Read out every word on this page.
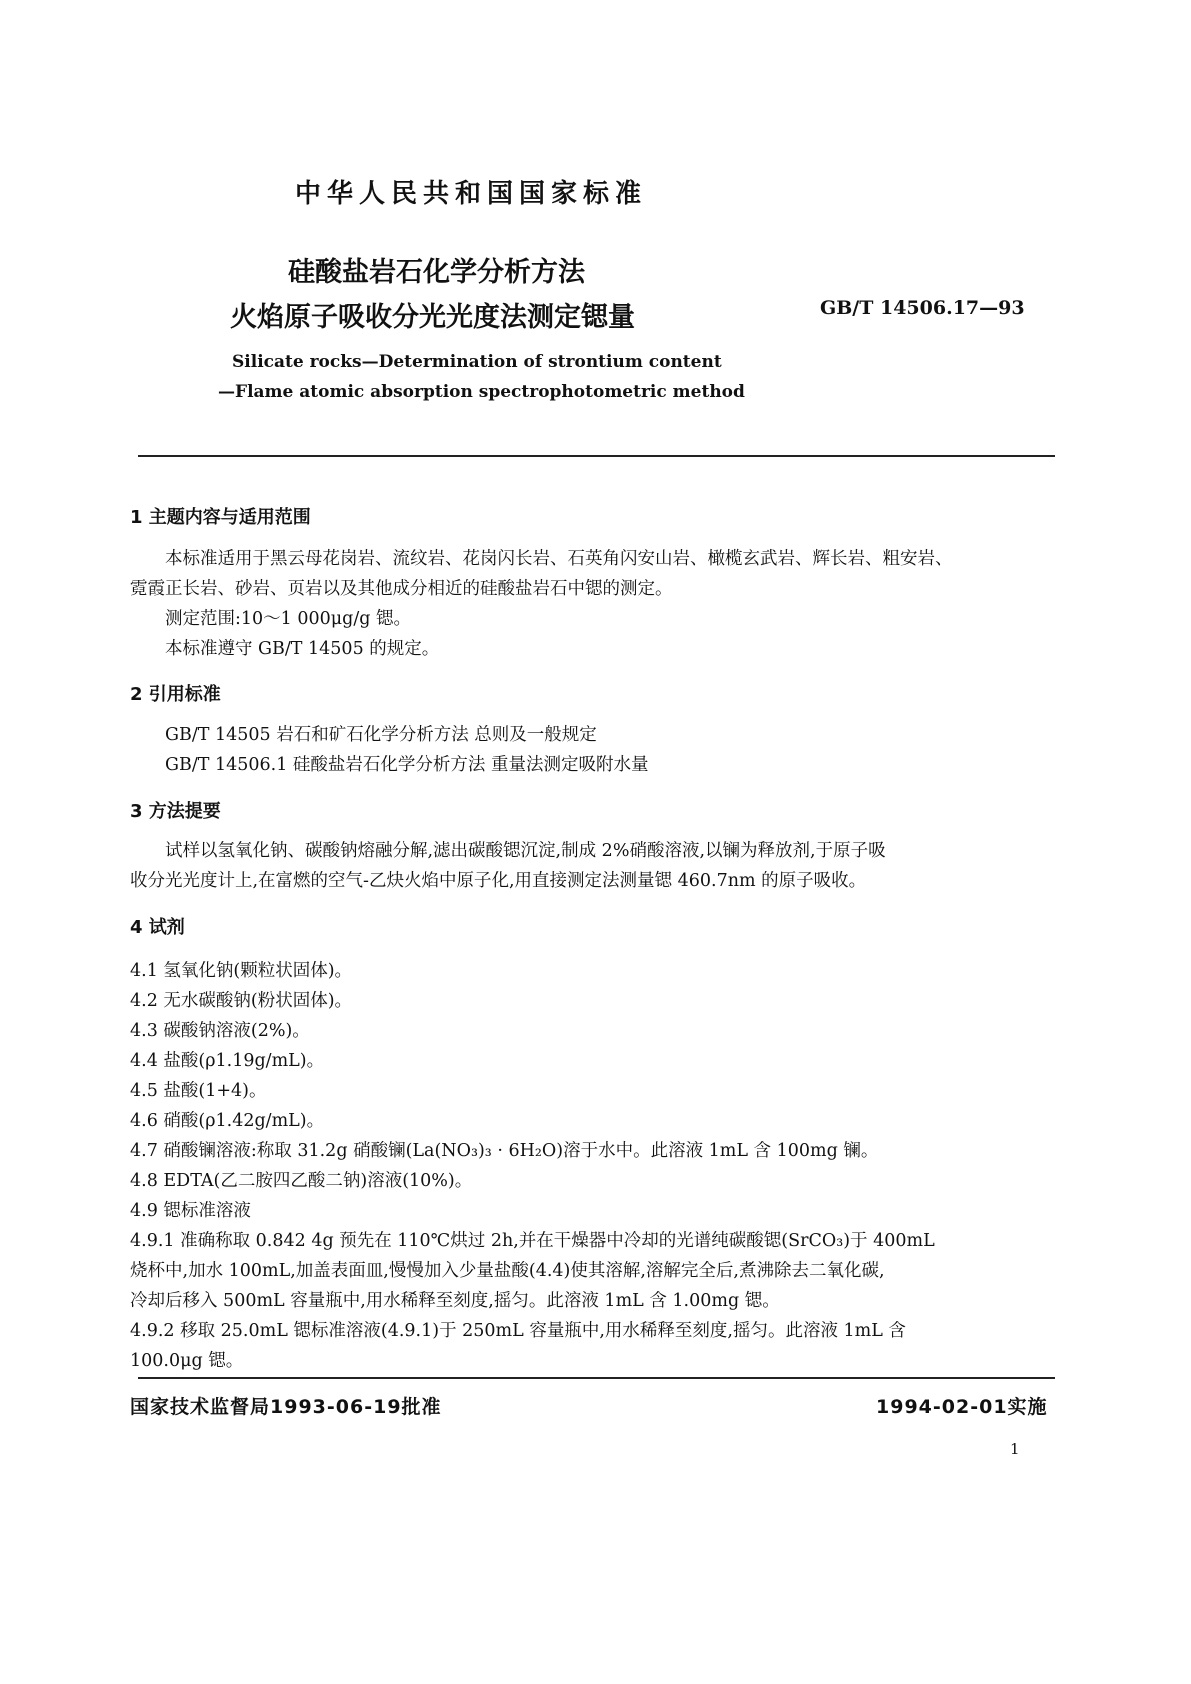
中华人民共和国国家标准
硅酸盐岩石化学分析方法
火焰原子吸收分光光度法测定锶量	GB/T 14506.17—93
Silicate rocks—Determination of strontium content
—Flame atomic absorption spectrophotometric method
1 主题内容与适用范围
本标准适用于黑云母花岗岩、流纹岩、花岗闪长岩、石英角闪安山岩、橄榄玄武岩、辉长岩、粗安岩、
霓霞正长岩、砂岩、页岩以及其他成分相近的硅酸盐岩石中锶的测定。
测定范围:10～1 000μg/g 锶。
本标准遵守 GB/T 14505 的规定。
2 引用标准
GB/T 14505 岩石和矿石化学分析方法 总则及一般规定
GB/T 14506.1 硅酸盐岩石化学分析方法 重量法测定吸附水量
3 方法提要
试样以氢氧化钠、碳酸钠熔融分解,滤出碳酸锶沉淀,制成 2%硝酸溶液,以镧为释放剂,于原子吸
收分光光度计上,在富燃的空气-乙炔火焰中原子化,用直接测定法测量锶 460.7nm 的原子吸收。
4 试剂
4.1 氢氧化钠(颗粒状固体)。
4.2 无水碳酸钠(粉状固体)。
4.3 碳酸钠溶液(2%)。
4.4 盐酸(ρ1.19g/mL)。
4.5 盐酸(1+4)。
4.6 硝酸(ρ1.42g/mL)。
4.7 硝酸镧溶液:称取 31.2g 硝酸镧(La(NO₃)₃ · 6H₂O)溶于水中。此溶液 1mL 含 100mg 镧。
4.8 EDTA(乙二胺四乙酸二钠)溶液(10%)。
4.9 锶标准溶液
4.9.1 准确称取 0.842 4g 预先在 110℃烘过 2h,并在干燥器中冷却的光谱纯碳酸锶(SrCO₃)于 400mL
烧杯中,加水 100mL,加盖表面皿,慢慢加入少量盐酸(4.4)使其溶解,溶解完全后,煮沸除去二氧化碳,
冷却后移入 500mL 容量瓶中,用水稀释至刻度,摇匀。此溶液 1mL 含 1.00mg 锶。
4.9.2 移取 25.0mL 锶标准溶液(4.9.1)于 250mL 容量瓶中,用水稀释至刻度,摇匀。此溶液 1mL 含
100.0μg 锶。
国家技术监督局1993-06-19批准	1994-02-01实施
1
